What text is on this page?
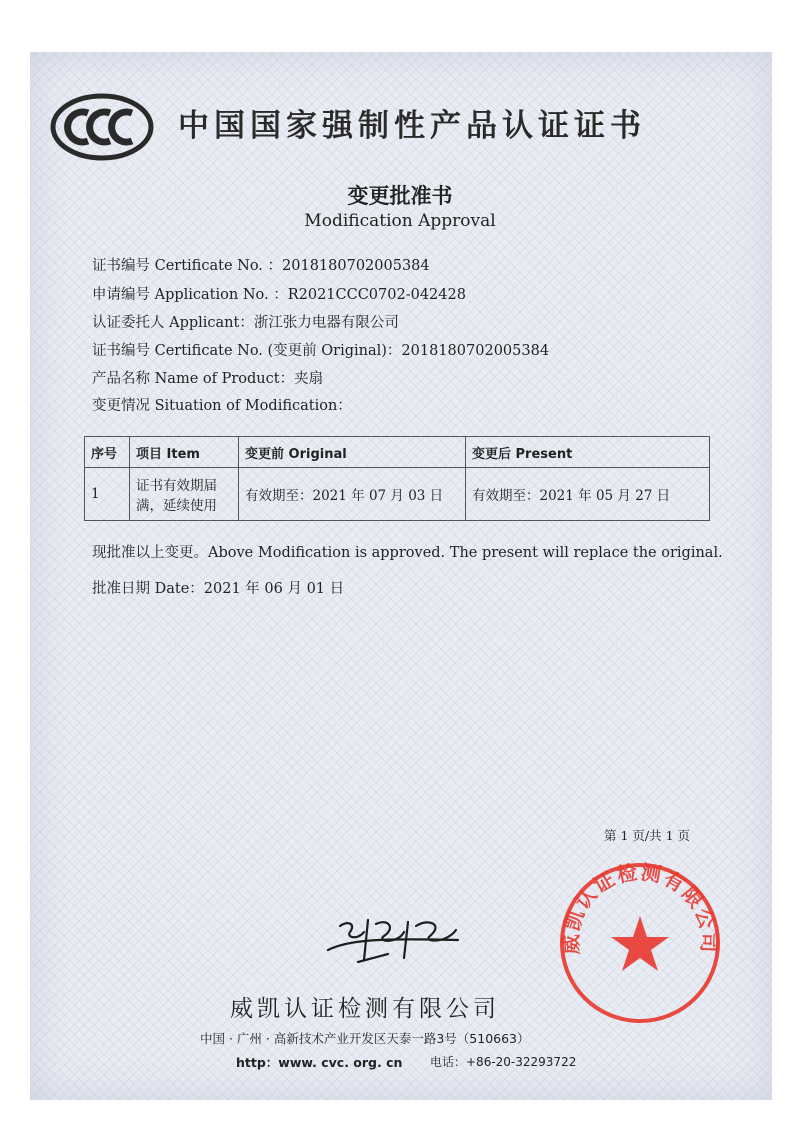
中国国家强制性产品认证证书
变更批准书
Modification Approval
证书编号 Certificate No. ：2018180702005384
申请编号 Application No. ：R2021CCC0702-042428
认证委托人 Applicant：浙江张力电器有限公司
证书编号 Certificate No. (变更前 Original)：2018180702005384
产品名称 Name of Product：夹扇
变更情况 Situation of Modification：
序号	项目 Item	变更前 Original	变更后 Present
1	证书有效期届满，延续使用	有效期至：2021 年 07 月 03 日	有效期至：2021 年 05 月 27 日
现批准以上变更。Above Modification is approved. The present will replace the original.
批准日期 Date：2021 年 06 月 01 日
第 1 页/共 1 页
威凯认证检测有限公司
威凯认证检测有限公司
中国 · 广州 · 高新技术产业开发区天泰一路3号（510663）
http：www. cvc. org. cn 电话：+86-20-32293722
